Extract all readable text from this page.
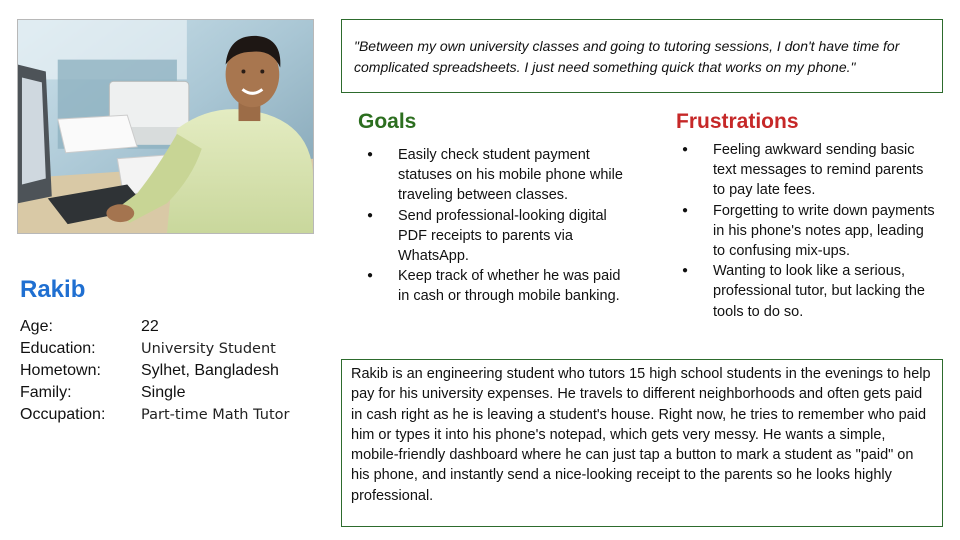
Rakib
Age:	22
Education:	University Student
Hometown:	Sylhet, Bangladesh
Family:	Single
Occupation:	Part-time Math Tutor
"Between my own university classes and going to tutoring sessions, I don't have time for complicated spreadsheets. I just need something quick that works on my phone."
Goals
● Easily check student payment statuses on his mobile phone while traveling between classes.
● Send professional-looking digital PDF receipts to parents via WhatsApp.
● Keep track of whether he was paid in cash or through mobile banking.
Frustrations
● Feeling awkward sending basic text messages to remind parents to pay late fees.
● Forgetting to write down payments in his phone's notes app, leading to confusing mix-ups.
● Wanting to look like a serious, professional tutor, but lacking the tools to do so.
Rakib is an engineering student who tutors 15 high school students in the evenings to help pay for his university expenses. He travels to different neighborhoods and often gets paid in cash right as he is leaving a student's house. Right now, he tries to remember who paid him or types it into his phone's notepad, which gets very messy. He wants a simple, mobile-friendly dashboard where he can just tap a button to mark a student as "paid" on his phone, and instantly send a nice-looking receipt to the parents so he looks highly professional.
